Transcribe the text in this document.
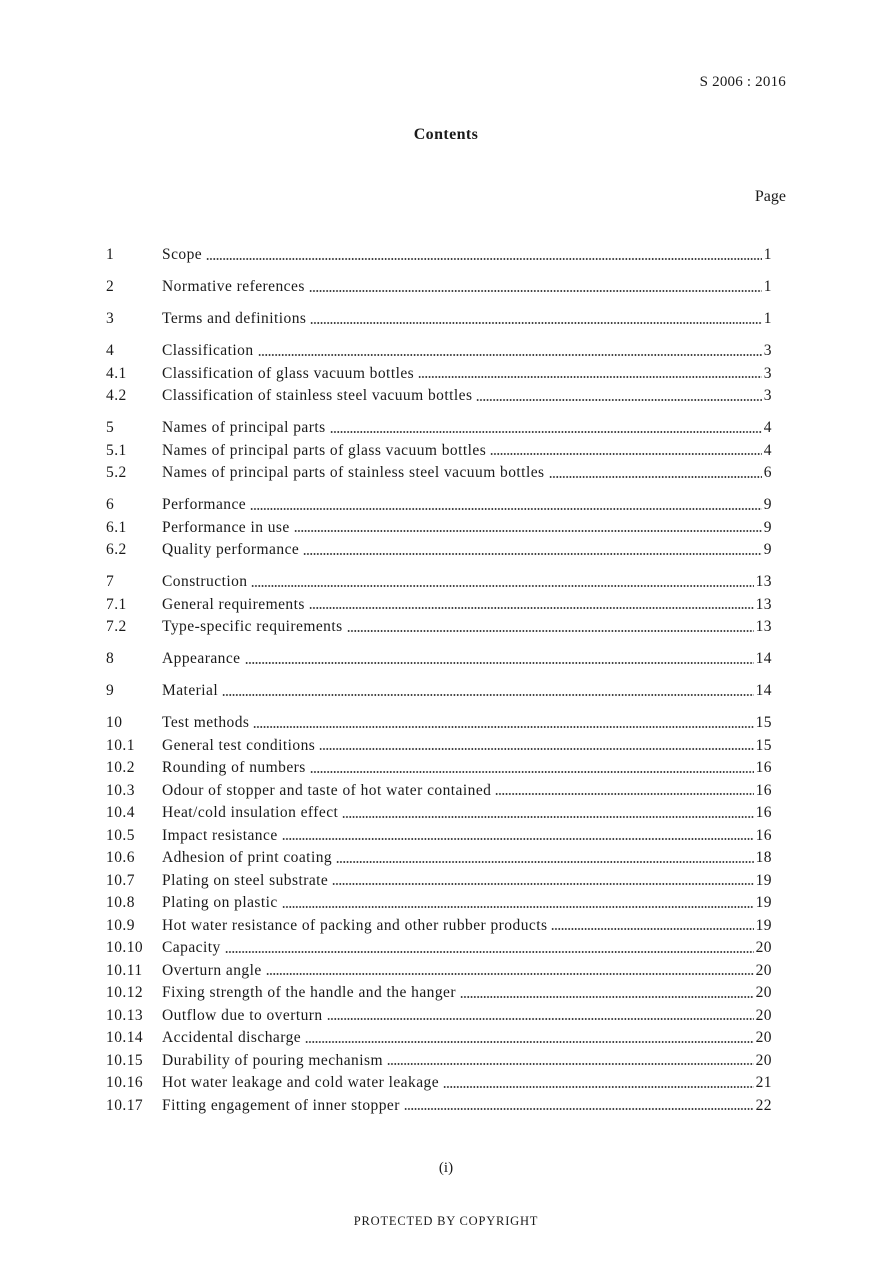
S 2006 : 2016
Contents
Page
1	Scope	1
2	Normative references	1
3	Terms and definitions	1
4	Classification	3
4.1	Classification of glass vacuum bottles	3
4.2	Classification of stainless steel vacuum bottles	3
5	Names of principal parts	4
5.1	Names of principal parts of glass vacuum bottles	4
5.2	Names of principal parts of stainless steel vacuum bottles	6
6	Performance	9
6.1	Performance in use	9
6.2	Quality performance	9
7	Construction	13
7.1	General requirements	13
7.2	Type-specific requirements	13
8	Appearance	14
9	Material	14
10	Test methods	15
10.1	General test conditions	15
10.2	Rounding of numbers	16
10.3	Odour of stopper and taste of hot water contained	16
10.4	Heat/cold insulation effect	16
10.5	Impact resistance	16
10.6	Adhesion of print coating	18
10.7	Plating on steel substrate	19
10.8	Plating on plastic	19
10.9	Hot water resistance of packing and other rubber products	19
10.10	Capacity	20
10.11	Overturn angle	20
10.12	Fixing strength of the handle and the hanger	20
10.13	Outflow due to overturn	20
10.14	Accidental discharge	20
10.15	Durability of pouring mechanism	20
10.16	Hot water leakage and cold water leakage	21
10.17	Fitting engagement of inner stopper	22
(i)
PROTECTED BY COPYRIGHT
